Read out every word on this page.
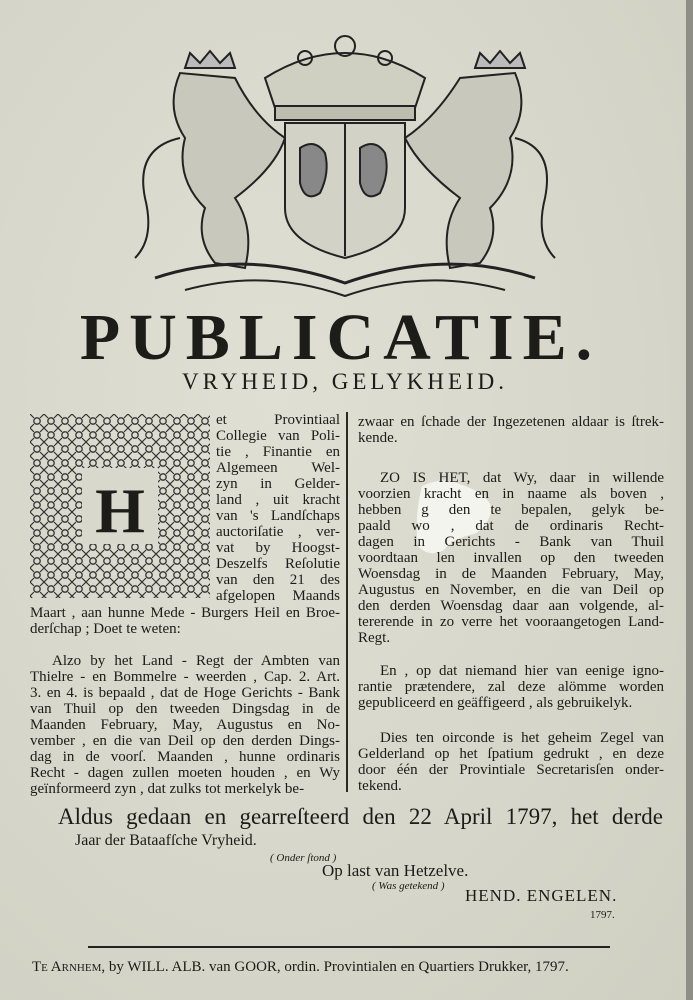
PUBLICATIE.
VRYHEID, GELYKHEID.
H
et Provintiaal
Collegie van Poli-
tie , Finantie en
Algemeen Wel-
zyn in Gelder-
land , uit kracht
van 's Landſchaps
auctoriſatie , ver-
vat by Hoogst-
Deszelfs Reſolutie
van den 21 des
afgelopen Maands
Maart , aan hunne Mede - Burgers Heil en Broe-
derſchap ; Doet te weten:
Alzo by het Land - Regt der Ambten van
Thielre - en Bommelre - weerden , Cap. 2. Art.
3. en 4. is bepaald , dat de Hoge Gerichts - Bank
van Thuil op den tweeden Dingsdag in de
Maanden February, May, Augustus en No-
vember , en die van Deil op den derden Dings-
dag in de voorſ. Maanden , hunne ordinaris
Recht - dagen zullen moeten houden , en Wy
geïnformeerd zyn , dat zulks tot merkelyk be-
zwaar en ſchade der Ingezetenen aldaar is ſtrek-
kende.
ZO IS HET, dat Wy, daar in willende
voorzien kracht en in naame als boven ,
hebben g den te bepalen, gelyk be-
paald wo , dat de ordinaris Recht-
dagen in Gerichts - Bank van Thuil
voordtaan len invallen op den tweeden
Woensdag in de Maanden February, May,
Augustus en November, en die van Deil op
den derden Woensdag daar aan volgende, al-
tererende in zo verre het vooraangetogen Land-
Regt.
En , op dat niemand hier van eenige igno-
rantie prætendere, zal deze alömme worden
gepubliceerd en geäffigeerd , als gebruikelyk.
Dies ten oirconde is het geheim Zegel van
Gelderland op het ſpatium gedrukt , en deze
door één der Provintiale Secretarisſen onder-
tekend.
Aldus gedaan en gearreſteerd den 22 April 1797, het derde
Jaar der Bataafſche Vryheid.
( Onder ſtond )
Op last van Hetzelve.
( Was getekend ) HEND. ENGELEN.
1797.
Te Arnhem, by WILL. ALB. van GOOR, ordin. Provintialen en Quartiers Drukker, 1797.
